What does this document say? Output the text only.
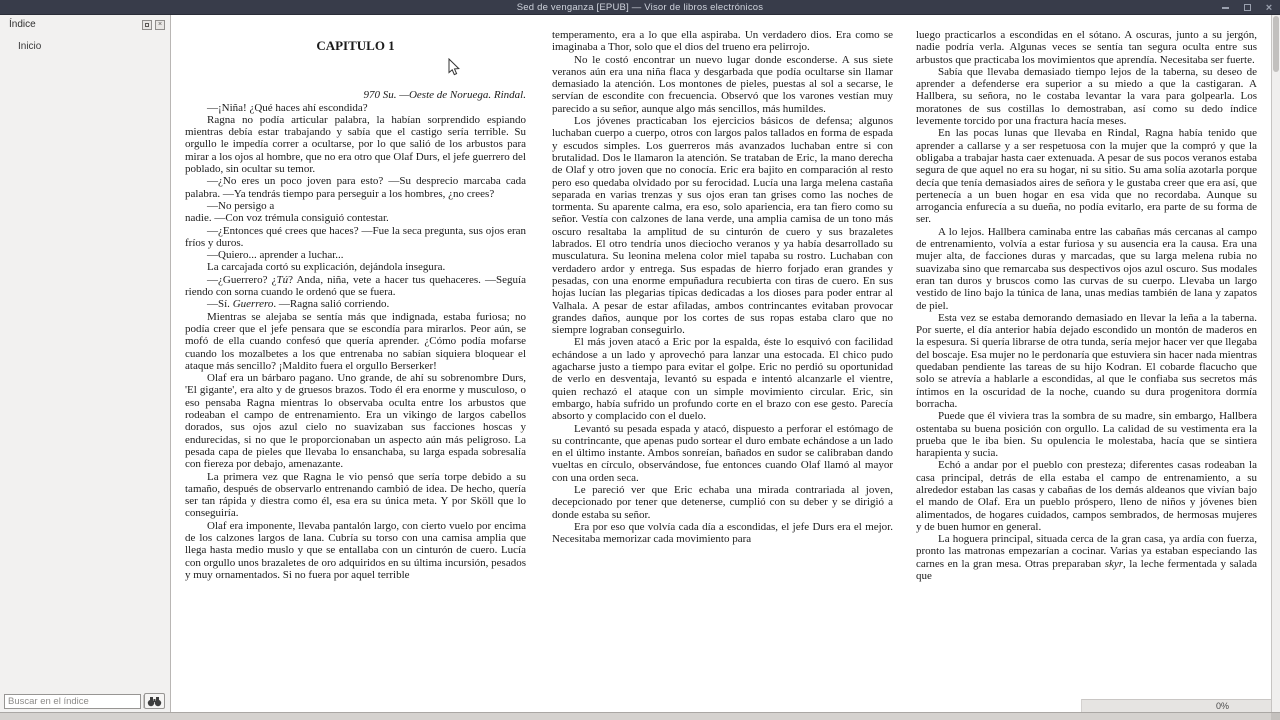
Sed de venganza [EPUB] — Visor de libros electrónicos	×
Índice	×
Inicio
Buscar en el índice	CAPITULO 1

970 Su. —Oeste de Noruega. Rindal.

—¡Niña! ¿Qué haces ahí escondida?

Ragna no podía articular palabra, la habían sorprendido espiando mientras debía estar trabajando y sabía que el castigo sería terrible. Su orgullo le impedía correr a ocultarse, por lo que salió de los arbustos para mirar a los ojos al hombre, que no era otro que Olaf Durs, el jefe guerrero del poblado, sin ocultar su temor.

—¿No eres un poco joven para esto? —Su desprecio marcaba cada palabra. —Ya tendrás tiempo para perseguir a los hombres, ¿no crees?

—No persigo a

nadie. —Con voz trémula consiguió contestar.

—¿Entonces qué crees que haces? —Fue la seca pregunta, sus ojos eran fríos y duros.

—Quiero... aprender a luchar...

La carcajada cortó su explicación, dejándola insegura.

—¿Guerrero? ¿Tú? Anda, niña, vete a hacer tus quehaceres. —Seguía riendo con sorna cuando le ordenó que se fuera.

—Sí. Guerrero. —Ragna salió corriendo.

Mientras se alejaba se sentía más que indignada, estaba furiosa; no podía creer que el jefe pensara que se escondía para mirarlos. Peor aún, se mofó de ella cuando confesó que quería aprender. ¿Cómo podía mofarse cuando los mozalbetes a los que entrenaba no sabían siquiera bloquear el ataque más sencillo? ¡Maldito fuera el orgullo Berserker!

Olaf era un bárbaro pagano. Uno grande, de ahí su sobrenombre Durs, 'El gigante', era alto y de gruesos brazos. Todo él era enorme y musculoso, o eso pensaba Ragna mientras lo observaba oculta entre los arbustos que rodeaban el campo de entrenamiento. Era un vikingo de largos cabellos dorados, sus ojos azul cielo no suavizaban sus facciones hoscas y endurecidas, si no que le proporcionaban un aspecto aún más peligroso. La pesada capa de pieles que llevaba lo ensanchaba, su larga espada sobresalía con fiereza por debajo, amenazante.

La primera vez que Ragna le vio pensó que sería torpe debido a su tamaño, después de observarlo entrenando cambió de idea. De hecho, quería ser tan rápida y diestra como él, esa era su única meta. Y por Sköll que lo conseguiría.

Olaf era imponente, llevaba pantalón largo, con cierto vuelo por encima de los calzones largos de lana. Cubría su torso con una camisa amplia que llega hasta medio muslo y que se entallaba con un cinturón de cuero. Lucía con orgullo unos brazaletes de oro adquiridos en su última incursión, pesados y muy ornamentados. Si no fuera por aquel terrible

temperamento, era a lo que ella aspiraba. Un verdadero dios. Era como se imaginaba a Thor, solo que el dios del trueno era pelirrojo.

No le costó encontrar un nuevo lugar donde esconderse. A sus siete veranos aún era una niña flaca y desgarbada que podía ocultarse sin llamar demasiado la atención. Los montones de pieles, puestas al sol a secarse, le servían de escondite con frecuencia. Observó que los varones vestían muy parecido a su señor, aunque algo más sencillos, más humildes.

Los jóvenes practicaban los ejercicios básicos de defensa; algunos luchaban cuerpo a cuerpo, otros con largos palos tallados en forma de espada y escudos simples. Los guerreros más avanzados luchaban entre si con brutalidad. Dos le llamaron la atención. Se trataban de Eric, la mano derecha de Olaf y otro joven que no conocía. Eric era bajito en comparación al resto pero eso quedaba olvidado por su ferocidad. Lucía una larga melena castaña separada en varias trenzas y sus ojos eran tan grises como las noches de tormenta. Su aparente calma, era eso, solo apariencia, era tan fiero como su señor. Vestía con calzones de lana verde, una amplia camisa de un tono más oscuro resaltaba la amplitud de su cinturón de cuero y sus brazaletes labrados. El otro tendría unos dieciocho veranos y ya había desarrollado su musculatura. Su leonina melena color miel tapaba su rostro. Luchaban con verdadero ardor y entrega. Sus espadas de hierro forjado eran grandes y pesadas, con una enorme empuñadura recubierta con tiras de cuero. En sus hojas lucían las plegarias típicas dedicadas a los dioses para poder entrar al Valhala. A pesar de estar afiladas, ambos contrincantes evitaban provocar grandes daños, aunque por los cortes de sus ropas estaba claro que no siempre lograban conseguirlo.

El más joven atacó a Eric por la espalda, éste lo esquivó con facilidad echándose a un lado y aprovechó para lanzar una estocada. El chico pudo agacharse justo a tiempo para evitar el golpe. Eric no perdió su oportunidad de verlo en desventaja, levantó su espada e intentó alcanzarle el vientre, quien rechazó el ataque con un simple movimiento circular. Eric, sin embargo, había sufrido un profundo corte en el brazo con ese gesto. Parecía absorto y complacido con el duelo.

Levantó su pesada espada y atacó, dispuesto a perforar el estómago de su contrincante, que apenas pudo sortear el duro embate echándose a un lado en el último instante. Ambos sonreían, bañados en sudor se calibraban dando vueltas en círculo, observándose, fue entonces cuando Olaf llamó al mayor con una orden seca.

Le pareció ver que Eric echaba una mirada contrariada al joven, decepcionado por tener que detenerse, cumplió con su deber y se dirigió a donde estaba su señor.

Era por eso que volvía cada día a escondidas, el jefe Durs era el mejor. Necesitaba memorizar cada movimiento para

luego practicarlos a escondidas en el sótano. A oscuras, junto a su jergón, nadie podría verla. Algunas veces se sentía tan segura oculta entre sus arbustos que practicaba los movimientos que aprendía. Necesitaba ser fuerte.

Sabía que llevaba demasiado tiempo lejos de la taberna, su deseo de aprender a defenderse era superior a su miedo a que la castigaran. A Hallbera, su señora, no le costaba levantar la vara para golpearla. Los moratones de sus costillas lo demostraban, así como su dedo índice levemente torcido por una fractura hacía meses.

En las pocas lunas que llevaba en Rindal, Ragna había tenido que aprender a callarse y a ser respetuosa con la mujer que la compró y que la obligaba a trabajar hasta caer extenuada. A pesar de sus pocos veranos estaba segura de que aquel no era su hogar, ni su sitio. Su ama solía azotarla porque decía que tenía demasiados aires de señora y le gustaba creer que era así, que pertenecía a un buen hogar en esa vida que no recordaba. Aunque su arrogancia enfurecía a su dueña, no podía evitarlo, era parte de su forma de ser.

A lo lejos. Hallbera caminaba entre las cabañas más cercanas al campo de entrenamiento, volvía a estar furiosa y su ausencia era la causa. Era una mujer alta, de facciones duras y marcadas, que su larga melena rubia no suavizaba sino que remarcaba sus despectivos ojos azul oscuro. Sus modales eran tan duros y bruscos como las curvas de su cuerpo. Llevaba un largo vestido de lino bajo la túnica de lana, unas medias también de lana y zapatos de piel.

Esta vez se estaba demorando demasiado en llevar la leña a la taberna. Por suerte, el día anterior había dejado escondido un montón de maderos en la espesura. Si quería librarse de otra tunda, sería mejor hacer ver que llegaba del boscaje. Esa mujer no le perdonaría que estuviera sin hacer nada mientras quedaban pendiente las tareas de su hijo Kodran. El cobarde flacucho que solo se atrevía a hablarle a escondidas, al que le confiaba sus secretos más íntimos en la oscuridad de la noche, cuando su dura progenitora dormía borracha.

Puede que él viviera tras la sombra de su madre, sin embargo, Hallbera ostentaba su buena posición con orgullo. La calidad de su vestimenta era la prueba que le iba bien. Su opulencia le molestaba, hacía que se sintiera harapienta y sucia.

Echó a andar por el pueblo con presteza; diferentes casas rodeaban la casa principal, detrás de ella estaba el campo de entrenamiento, a su alrededor estaban las casas y cabañas de los demás aldeanos que vivían bajo el mando de Olaf. Era un pueblo próspero, lleno de niños y jóvenes bien alimentados, de hogares cuidados, campos sembrados, de hermosas mujeres y de buen humor en general.

La hoguera principal, situada cerca de la gran casa, ya ardía con fuerza, pronto las matronas empezarían a cocinar. Varias ya estaban especiando las carnes en la gran mesa. Otras preparaban skyr, la leche fermentada y salada que

0%
